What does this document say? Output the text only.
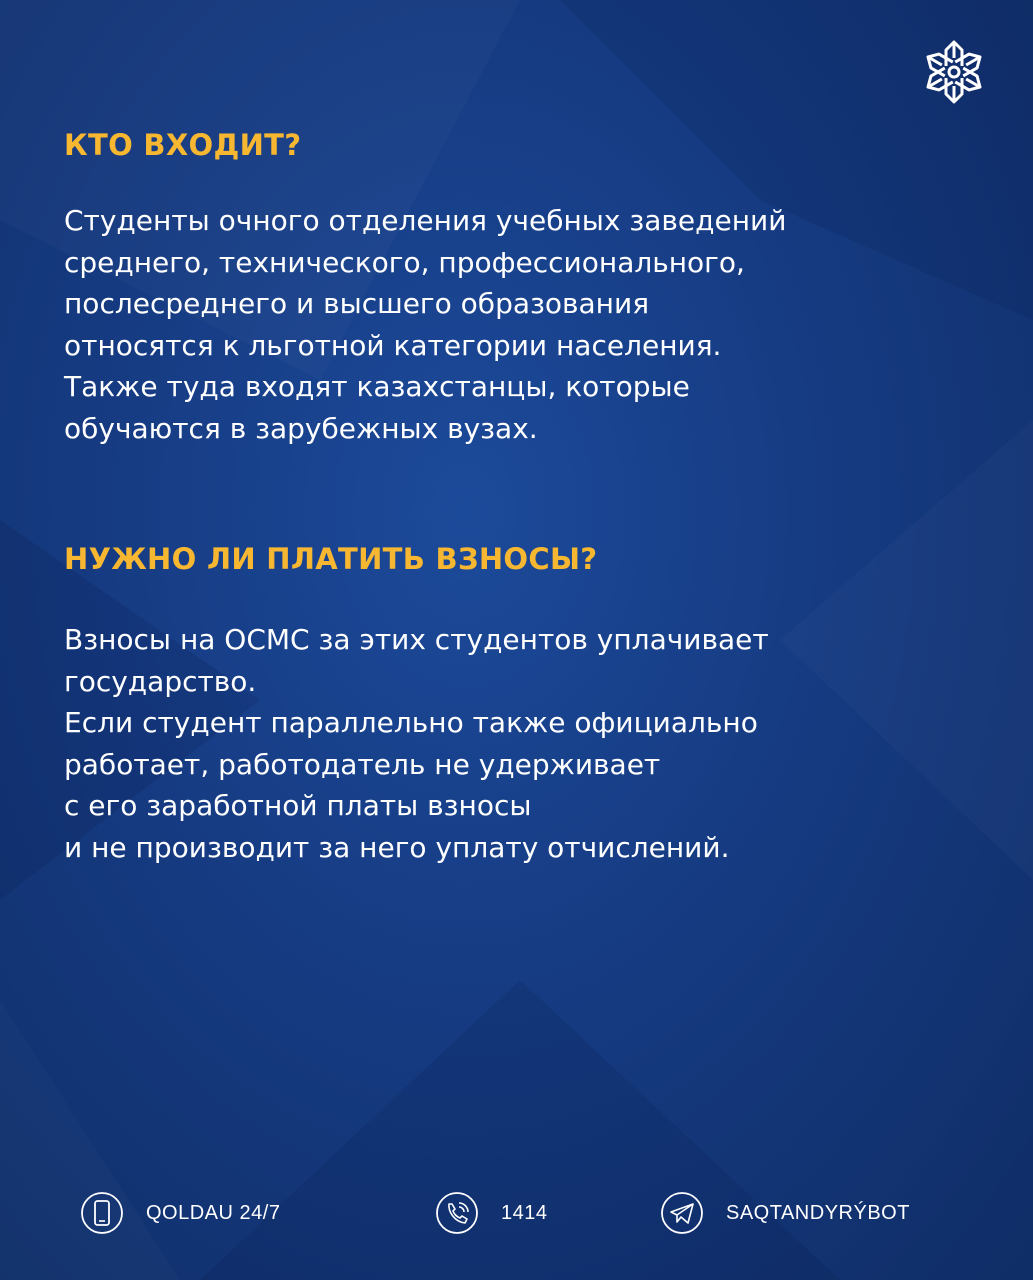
КТО ВХОДИТ?
Студенты очного отделения учебных заведений
среднего, технического, профессионального,
послесреднего и высшего образования
относятся к льготной категории населения.
Также туда входят казахстанцы, которые
обучаются в зарубежных вузах.
НУЖНО ЛИ ПЛАТИТЬ ВЗНОСЫ?
Взносы на ОСМС за этих студентов уплачивает
государство.
Если студент параллельно также официально
работает, работодатель не удерживает
с его заработной платы взносы
и не производит за него уплату отчислений.
QOLDAU 24/7	1414	SAQTANDYRÝBOT
